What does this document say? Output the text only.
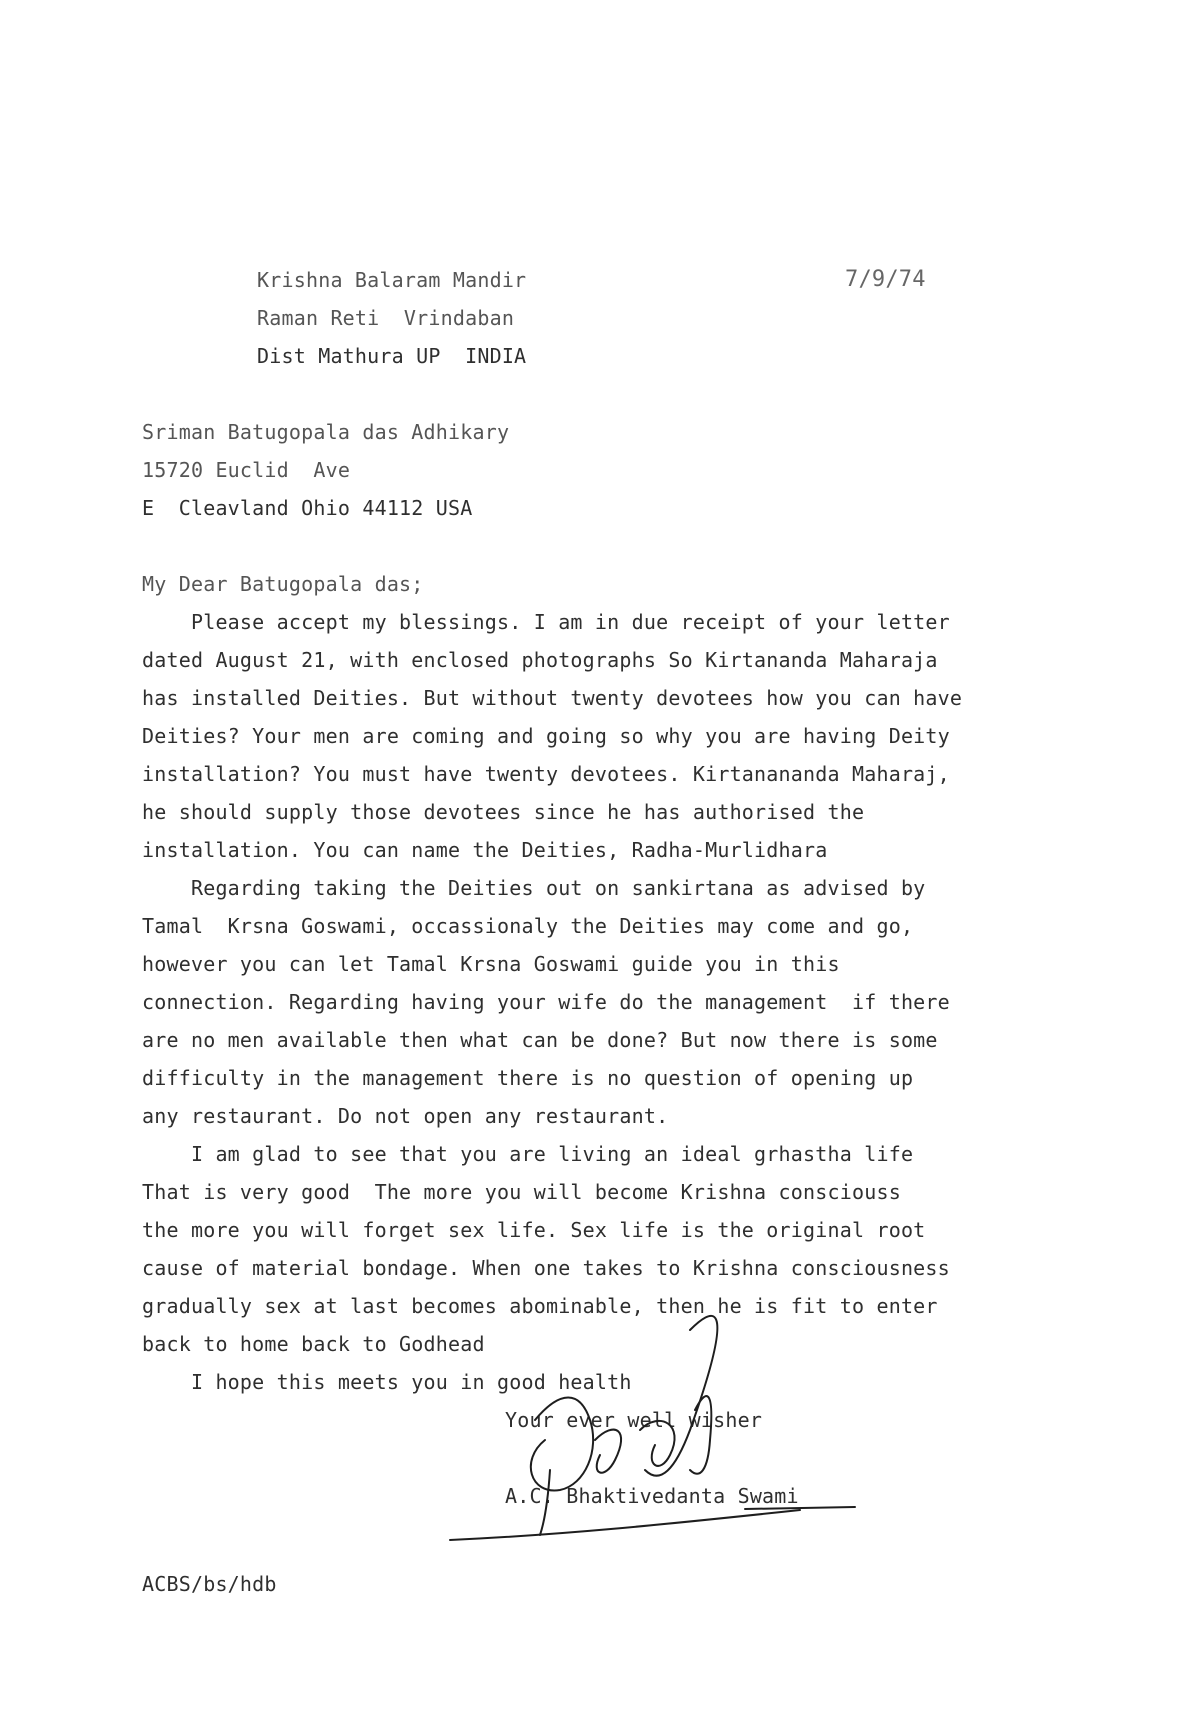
Krishna Balaram Mandir
Raman Reti  Vrindaban
Dist Mathura UP  INDIA
7/9/74
Sriman Batugopala das Adhikary
15720 Euclid  Ave
E  Cleavland Ohio 44112 USA
My Dear Batugopala das;
Please accept my blessings. I am in due receipt of your letter
dated August 21, with enclosed photographs So Kirtananda Maharaja
has installed Deities. But without twenty devotees how you can have
Deities? Your men are coming and going so why you are having Deity
installation? You must have twenty devotees. Kirtanananda Maharaj,
he should supply those devotees since he has authorised the
installation. You can name the Deities, Radha-Murlidhara
Regarding taking the Deities out on sankirtana as advised by
Tamal  Krsna Goswami, occassionaly the Deities may come and go,
however you can let Tamal Krsna Goswami guide you in this
connection. Regarding having your wife do the management  if there
are no men available then what can be done? But now there is some
difficulty in the management there is no question of opening up
any restaurant. Do not open any restaurant.
I am glad to see that you are living an ideal grhastha life
That is very good  The more you will become Krishna consciouss
the more you will forget sex life. Sex life is the original root
cause of material bondage. When one takes to Krishna consciousness
gradually sex at last becomes abominable, then he is fit to enter
back to home back to Godhead
I hope this meets you in good health
Your ever well wisher
A.C. Bhaktivedanta Swami
ACBS/bs/hdb
